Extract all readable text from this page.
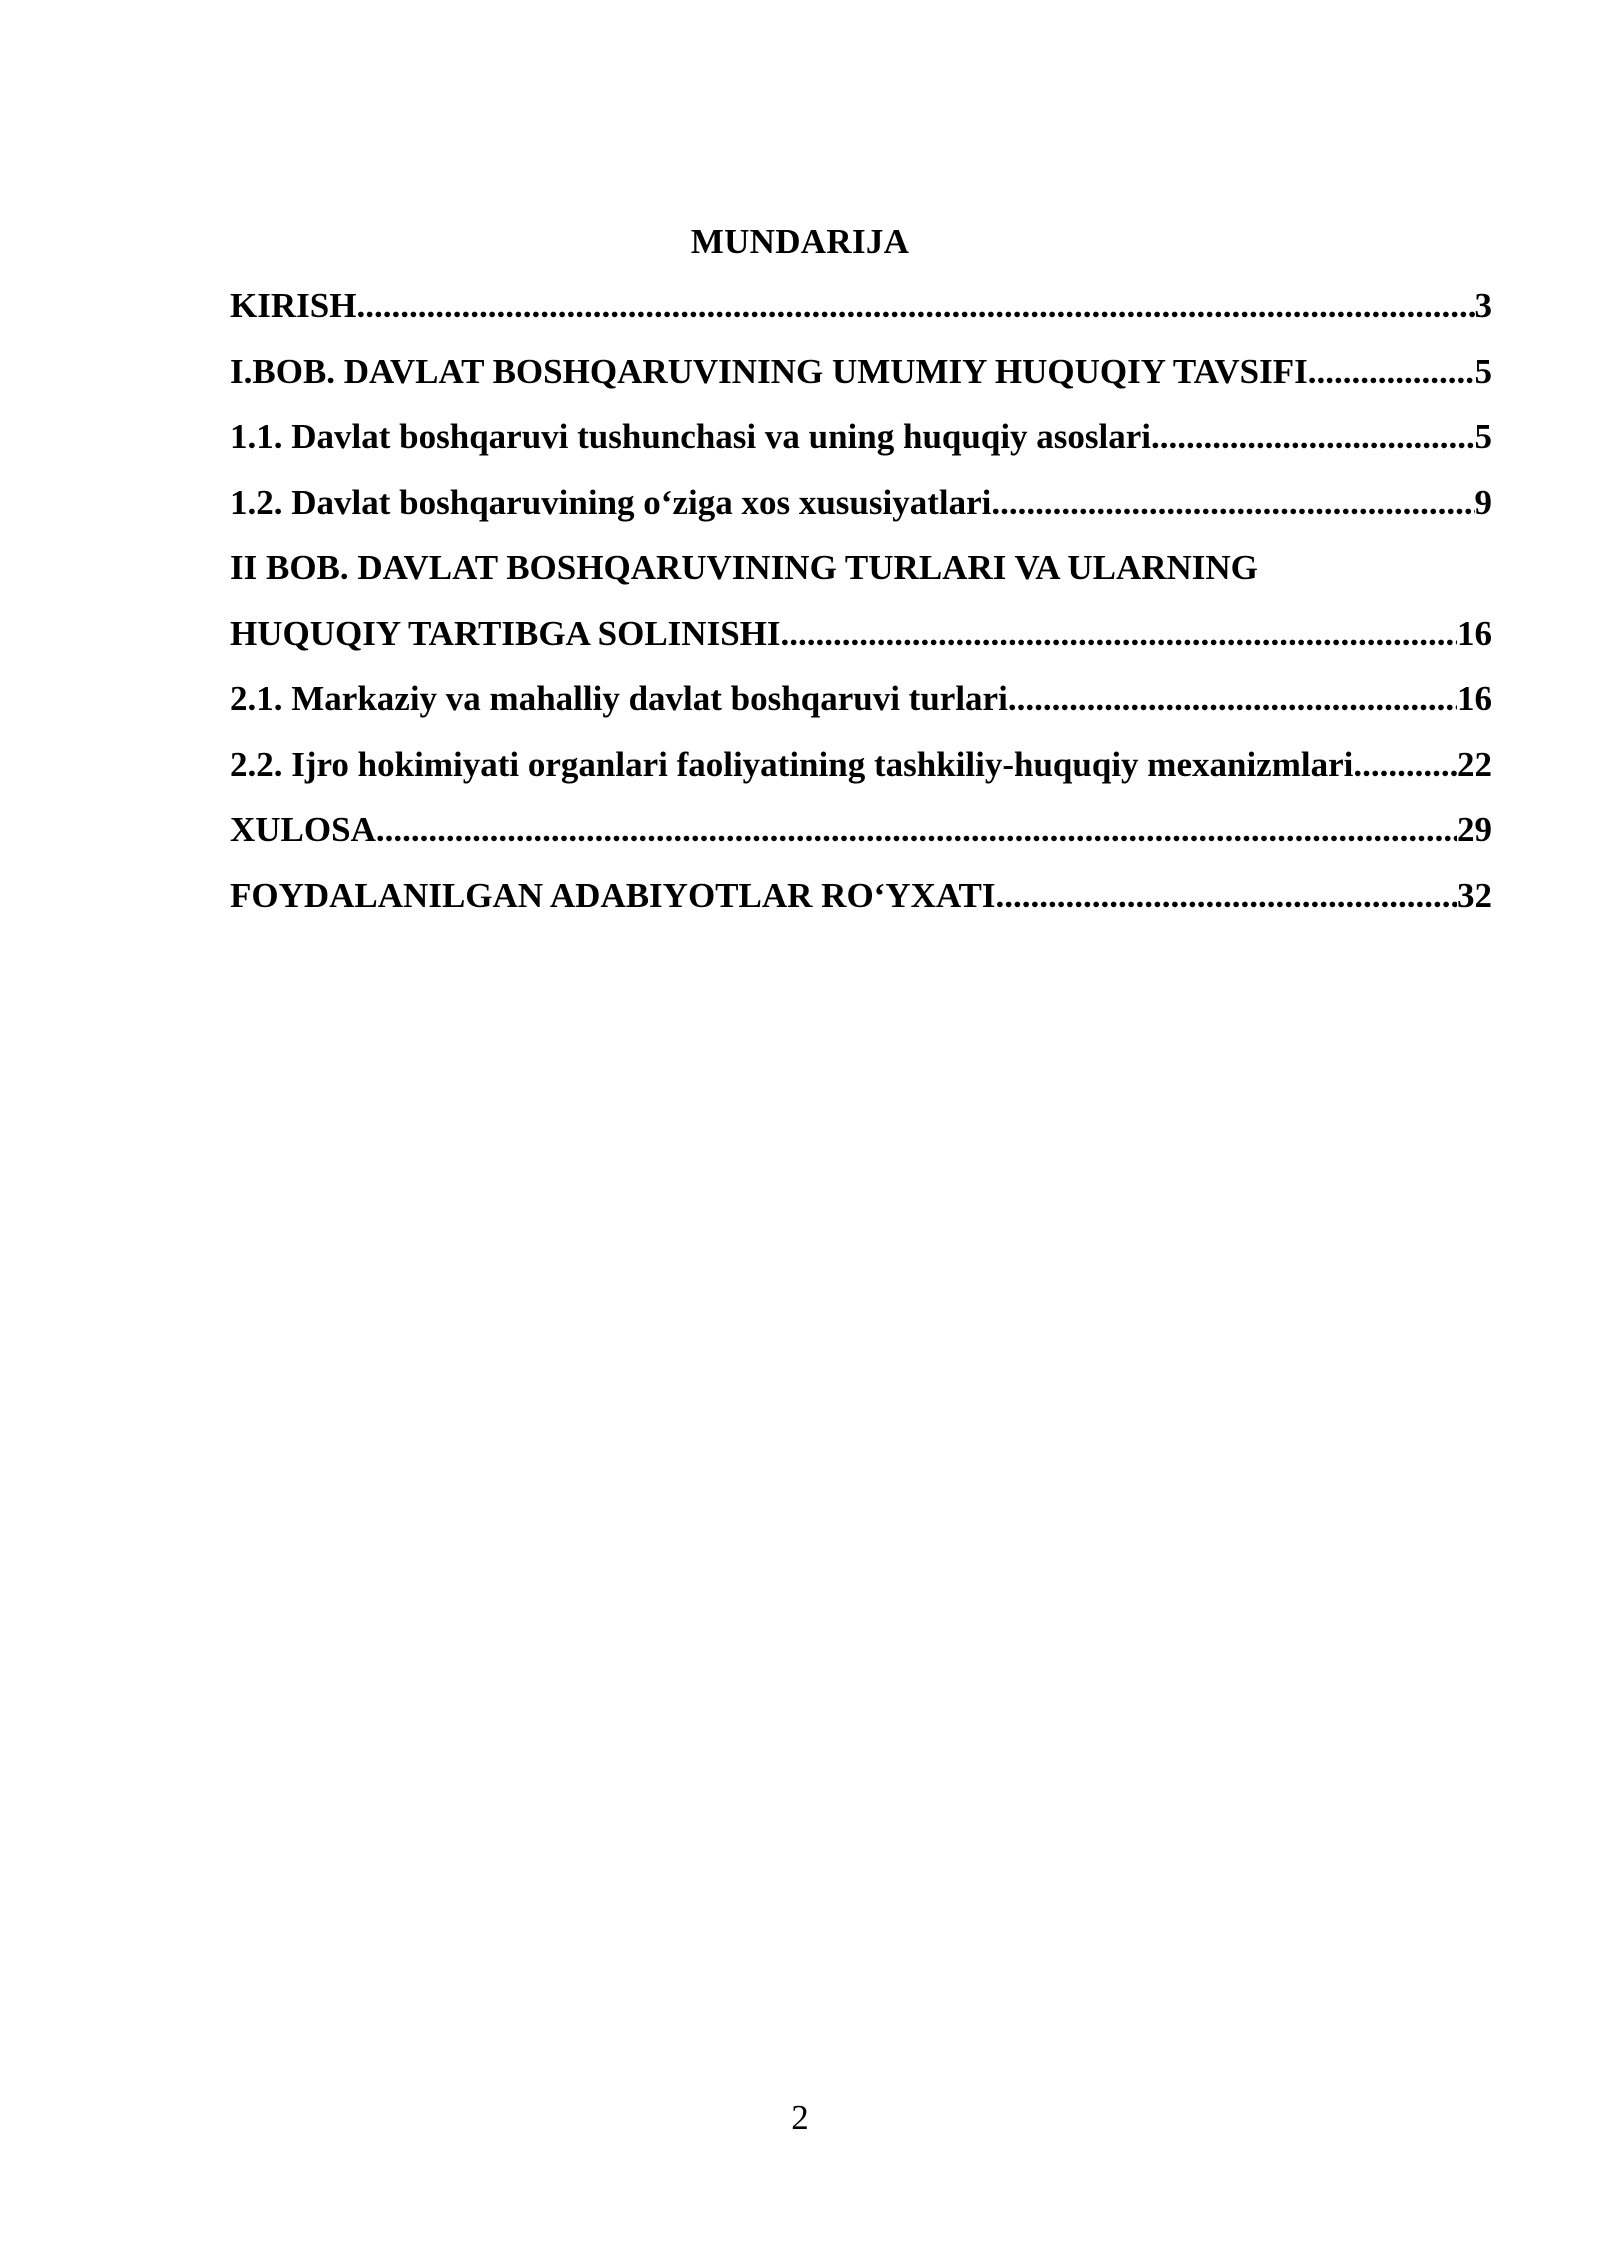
MUNDARIJA
KIRISH .....	3
I.BOB. DAVLAT BOSHQARUVINING UMUMIY HUQUQIY TAVSIFI .....	5
1.1. Davlat boshqaruvi tushunchasi va uning huquqiy asoslari .....	5
1.2. Davlat boshqaruvining o‘ziga xos xususiyatlari .....	9
II BOB. DAVLAT BOSHQARUVINING TURLARI VA ULARNING
HUQUQIY TARTIBGA SOLINISHI .....	16
2.1. Markaziy va mahalliy davlat boshqaruvi turlari .....	16
2.2. Ijro hokimiyati organlari faoliyatining tashkiliy-huquqiy mexanizmlari. .....	22
XULOSA .....	29
FOYDALANILGAN ADABIYOTLAR RO‘YXATI .....	32
2
